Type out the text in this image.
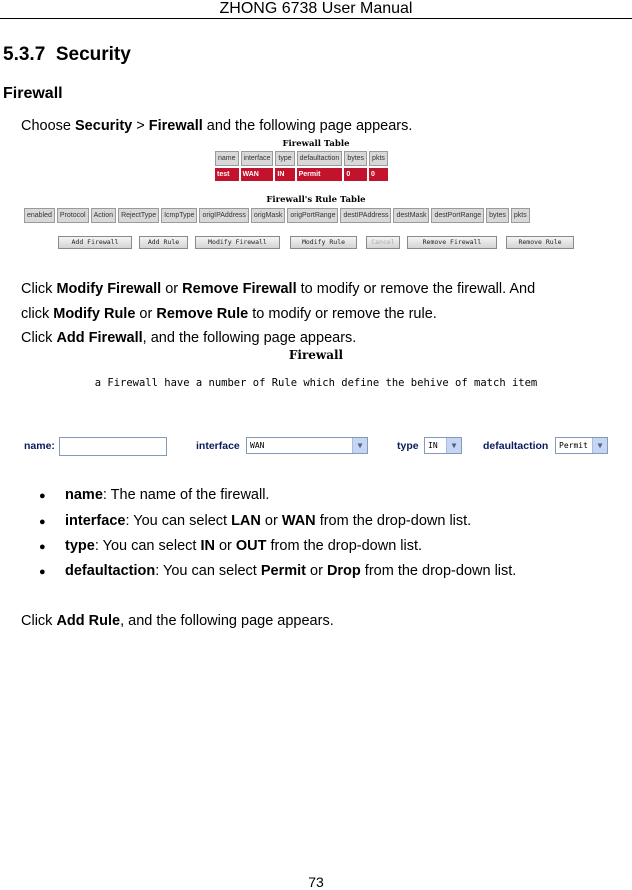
ZHONG 6738 User Manual
5.3.7 Security
Firewall
Choose Security > Firewall and the following page appears.
Firewall Table
name	interface	type	defaultaction	bytes	pkts
test	WAN	IN	Permit	0	0
Firewall's Rule Table
enabled	Protocol	Action	RejectType	IcmpType	origIPAddress	origMask	origPortRange	destIPAddress	destMask	destPortRange	bytes	pkts
Add Firewall	Add Rule	Modify Firewall	Modify Rule	Cancel	Remove Firewall	Remove Rule
Click Modify Firewall or Remove Firewall to modify or remove the firewall. And
click Modify Rule or Remove Rule to modify or remove the rule.
Click Add Firewall, and the following page appears.
Firewall
a Firewall have a number of Rule which define the behive of match item
name:	interface	WAN	▼	type	IN	▼	defaultaction	Permit	▼
● name: The name of the firewall.
● interface: You can select LAN or WAN from the drop-down list.
● type: You can select IN or OUT from the drop-down list.
● defaultaction: You can select Permit or Drop from the drop-down list.
Click Add Rule, and the following page appears.
73
